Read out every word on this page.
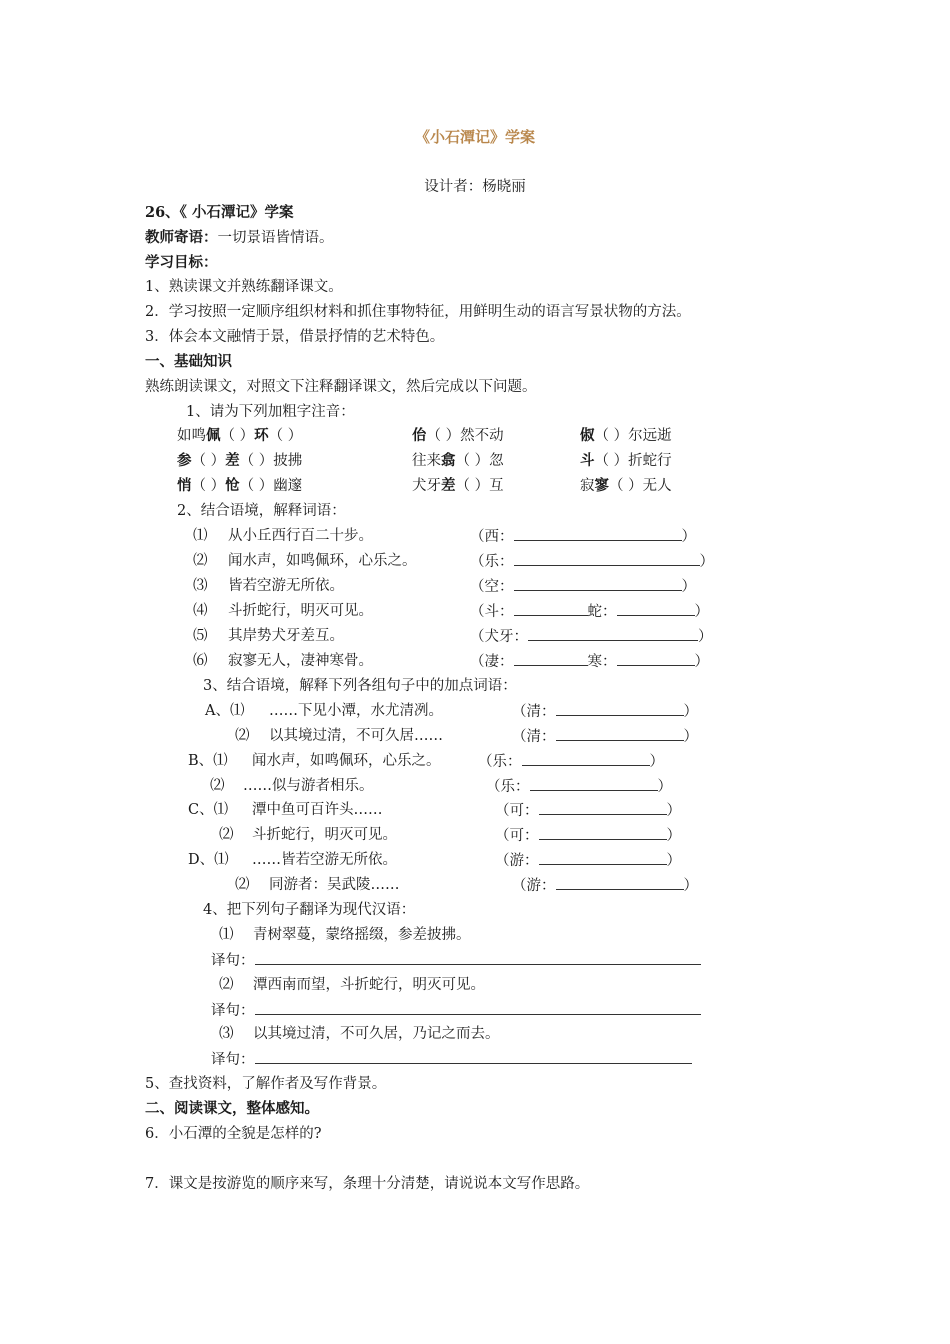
《小石潭记》学案
设计者：杨晓丽
26、《 小石潭记》学案
教师寄语：一切景语皆情语。
学习目标：
1、熟读课文并熟练翻译课文。
2．学习按照一定顺序组织材料和抓住事物特征，用鲜明生动的语言写景状物的方法。
3．体会本文融情于景，借景抒情的艺术特色。
一、基础知识
熟练朗读课文，对照文下注释翻译课文，然后完成以下问题。
1、请为下列加粗字注音：
如鸣佩（ ）环（ ）	佁（ ）然不动	俶（ ）尔远逝
参（ ）差（ ）披拂	往来翕（ ）忽	斗（ ）折蛇行
悄（ ）怆（ ）幽邃	犬牙差（ ）互	寂寥（ ）无人
2、结合语境，解释词语：
⑴ 从小丘西行百二十步。	（西：	）
⑵ 闻水声，如鸣佩环，心乐之。	（乐：	）
⑶ 皆若空游无所依。	（空：	）
⑷ 斗折蛇行，明灭可见。	（斗：	蛇：	）
⑸ 其岸势犬牙差互。	（犬牙：	）
⑹ 寂寥无人，凄神寒骨。	（凄：	寒：	）
3、结合语境，解释下列各组句子中的加点词语：
A、⑴ ……下见小潭，水尤清冽。	（清：	）
⑵ 以其境过清，不可久居……	（清：	）
B、⑴ 闻水声，如鸣佩环，心乐之。	（乐：	）
⑵ ……似与游者相乐。	（乐：	）
C、⑴ 潭中鱼可百许头……	（可：	）
⑵ 斗折蛇行，明灭可见。	（可：	）
D、⑴ ……皆若空游无所依。	（游：	）
⑵ 同游者：吴武陵……	（游：	）
4、把下列句子翻译为现代汉语：
⑴ 青树翠蔓，蒙络摇缀，参差披拂。
译句：
⑵ 潭西南而望，斗折蛇行，明灭可见。
译句：
⑶ 以其境过清，不可久居，乃记之而去。
译句：
5、查找资料，了解作者及写作背景。
二、阅读课文，整体感知。
6．小石潭的全貌是怎样的?
7．课文是按游览的顺序来写，条理十分清楚，请说说本文写作思路。
